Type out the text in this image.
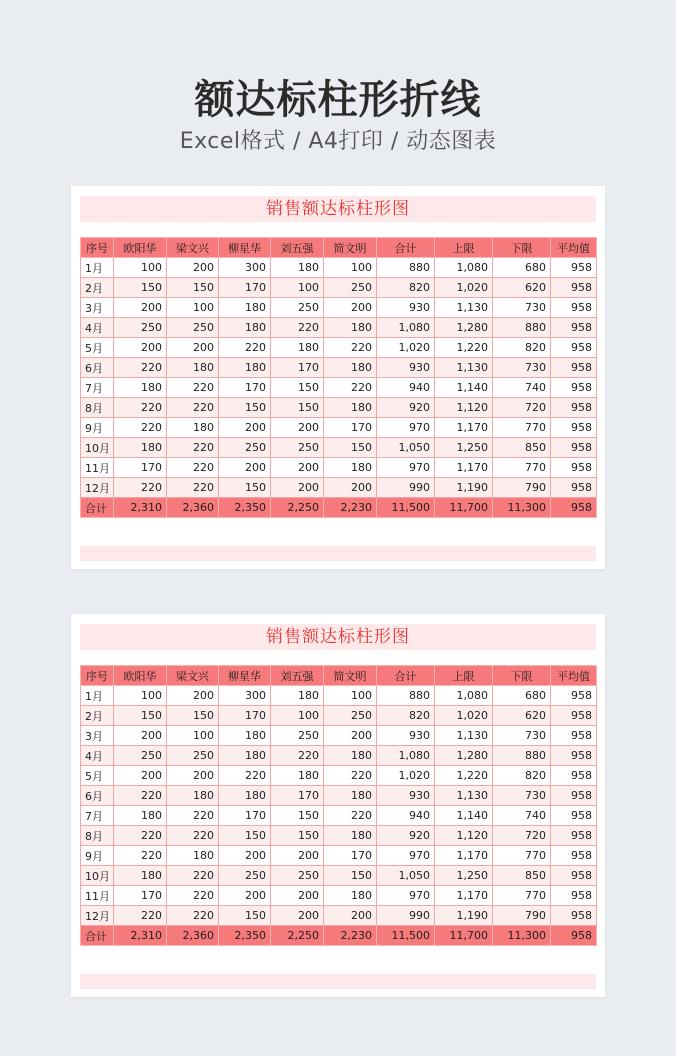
额达标柱形折线
Excel格式 / A4打印 / 动态图表
销售额达标柱形图
序号	欧阳华	梁文兴	柳星华	刘五强	简文明	合计	上限	下限	平均值
1月	100	200	300	180	100	880	1,080	680	958
2月	150	150	170	100	250	820	1,020	620	958
3月	200	100	180	250	200	930	1,130	730	958
4月	250	250	180	220	180	1,080	1,280	880	958
5月	200	200	220	180	220	1,020	1,220	820	958
6月	220	180	180	170	180	930	1,130	730	958
7月	180	220	170	150	220	940	1,140	740	958
8月	220	220	150	150	180	920	1,120	720	958
9月	220	180	200	200	170	970	1,170	770	958
10月	180	220	250	250	150	1,050	1,250	850	958
11月	170	220	200	200	180	970	1,170	770	958
12月	220	220	150	200	200	990	1,190	790	958
合计	2,310	2,360	2,350	2,250	2,230	11,500	11,700	11,300	958
销售额达标柱形图
序号	欧阳华	梁文兴	柳星华	刘五强	简文明	合计	上限	下限	平均值
1月	100	200	300	180	100	880	1,080	680	958
2月	150	150	170	100	250	820	1,020	620	958
3月	200	100	180	250	200	930	1,130	730	958
4月	250	250	180	220	180	1,080	1,280	880	958
5月	200	200	220	180	220	1,020	1,220	820	958
6月	220	180	180	170	180	930	1,130	730	958
7月	180	220	170	150	220	940	1,140	740	958
8月	220	220	150	150	180	920	1,120	720	958
9月	220	180	200	200	170	970	1,170	770	958
10月	180	220	250	250	150	1,050	1,250	850	958
11月	170	220	200	200	180	970	1,170	770	958
12月	220	220	150	200	200	990	1,190	790	958
合计	2,310	2,360	2,350	2,250	2,230	11,500	11,700	11,300	958
